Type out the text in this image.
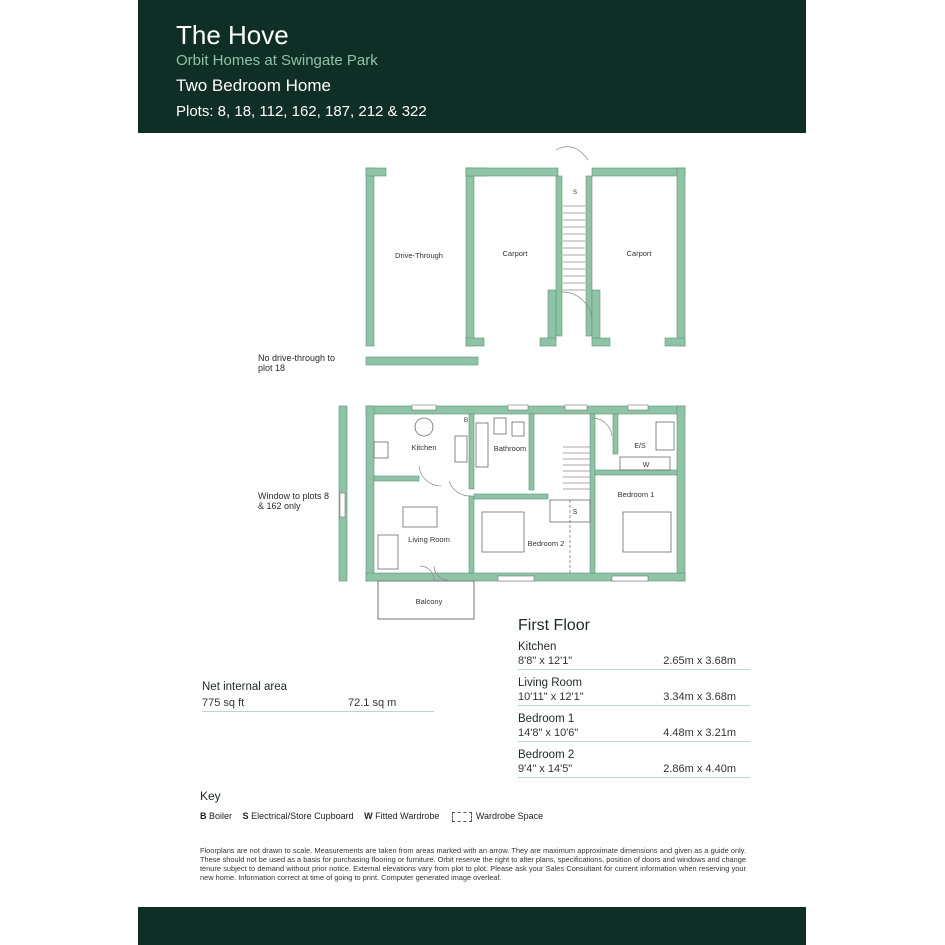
The Hove
Orbit Homes at Swingate Park
Two Bedroom Home
Plots: 8, 18, 112, 162, 187, 212 & 322
Drive-Through	Carport	Carport
S
Kitchen	Bathroom
Bedroom 1
Bedroom 2
Living Room
Balcony
E/S
W
S
B
No drive-through to plot 18
Window to plots 8 & 162 only
First Floor
Kitchen
8'8" x 12'1"	2.65m x 3.68m
Living Room
10'11" x 12'1"	3.34m x 3.68m
Bedroom 1
14'8" x 10'6"	4.48m x 3.21m
Bedroom 2
9'4" x 14'5"	2.86m x 4.40m
Net internal area
775 sq ft	72.1 sq m
Key
B Boiler S Electrical/Store Cupboard W Fitted Wardrobe	Wardrobe Space
Floorplans are not drawn to scale. Measurements are taken from areas marked with an arrow. They are maximum approximate dimensions and given as a guide only. These should not be used as a basis for purchasing flooring or furniture. Orbit reserve the right to alter plans, specifications, position of doors and windows and change tenure subject to demand without prior notice. External elevations vary from plot to plot. Please ask your Sales Consultant for current information when reserving your new home. Information correct at time of going to print. Computer generated image overleaf.
